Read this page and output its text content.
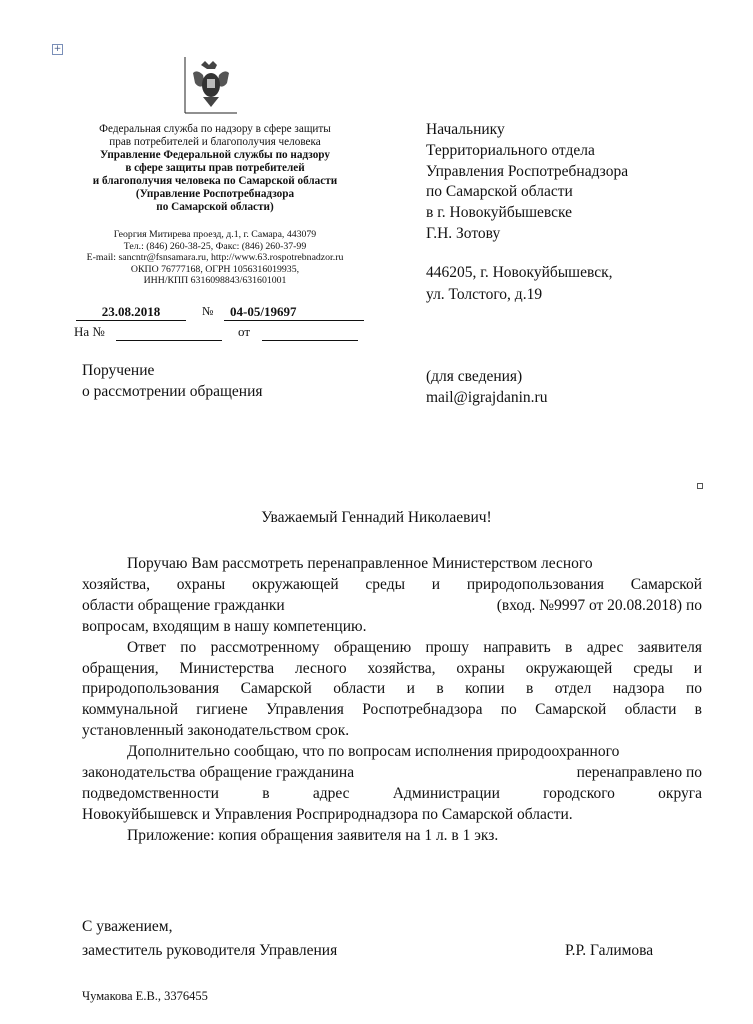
+
Федеральная служба по надзору в сфере защиты
прав потребителей и благополучия человека
Управление Федеральной службы по надзору
в сфере защиты прав потребителей
и благополучия человека по Самарской области
(Управление Роспотребнадзора
по Самарской области)
Георгия Митирева проезд, д.1, г. Самара, 443079
Тел.: (846) 260-38-25, Факс: (846) 260-37-99
E-mail: sancntr@fsnsamara.ru, http://www.63.rospotrebnadzor.ru
ОКПО 76777168, ОГРН 1056316019935,
ИНН/КПП 6316098843/631601001
23.08.2018	№	04-05/19697
На №	от
Поручение
о рассмотрении обращения
Начальнику
Территориального отдела
Управления Роспотребнадзора
по Самарской области
в г. Новокуйбышевске
Г.Н. Зотову
446205, г. Новокуйбышевск,
ул. Толстого, д.19
(для сведения)
mail@igrajdanin.ru
Уважаемый Геннадий Николаевич!

Поручаю Вам рассмотреть перенаправленное Министерством лесного

хозяйства, охраны окружающей среды и природопользования Самарской
области обращение гражданки	(вход. №9997 от 20.08.2018) по
вопросам, входящим в нашу компетенцию.

Ответ по рассмотренному обращению прошу направить в адрес заявителя

обращения, Министерства лесного хозяйства, охраны окружающей среды и
природопользования Самарской области и в копии в отдел надзора по
коммунальной гигиене Управления Роспотребнадзора по Самарской области в
установленный законодательством срок.

Дополнительно сообщаю, что по вопросам исполнения природоохранного

законодательства обращение гражданина	перенаправлено по
подведомственности в адрес Администрации городского округа
Новокуйбышевск и Управления Росприроднадзора по Самарской области.

Приложение: копия обращения заявителя на 1 л. в 1 экз.

С уважением,
заместитель руководителя Управления	Р.Р. Галимова
Чумакова Е.В., 3376455
